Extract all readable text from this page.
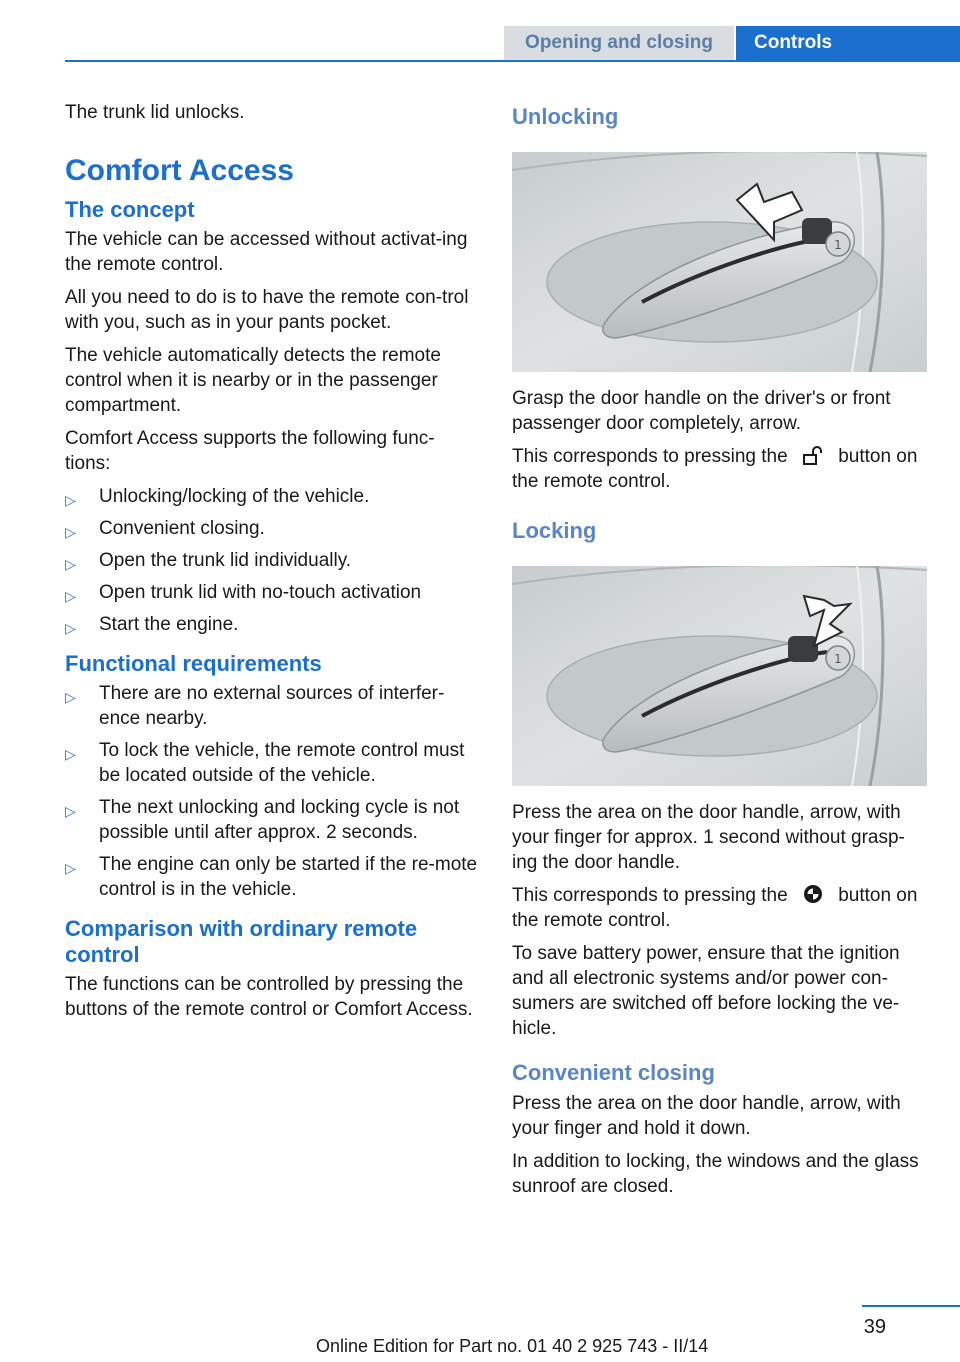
Opening and closing	Controls

The trunk lid unlocks.

Comfort Access
The concept

The vehicle can be accessed without activat-ing the remote control.

All you need to do is to have the remote con-trol with you, such as in your pants pocket.

The vehicle automatically detects the remote control when it is nearby or in the passenger compartment.

Comfort Access supports the following func-tions:

▷ Unlocking/locking of the vehicle.
▷ Convenient closing.
▷ Open the trunk lid individually.
▷ Open trunk lid with no-touch activation
▷ Start the engine.
Functional requirements
▷ There are no external sources of interfer-ence nearby.
▷ To lock the vehicle, the remote control must be located outside of the vehicle.
▷ The next unlocking and locking cycle is not possible until after approx. 2 seconds.
▷ The engine can only be started if the re-mote control is in the vehicle.
Comparison with ordinary remote control

The functions can be controlled by pressing the buttons of the remote control or Comfort Access.

Unlocking
1

Grasp the door handle on the driver's or front passenger door completely, arrow.

This corresponds to pressing the	button on the remote control.

Locking
1

Press the area on the door handle, arrow, with your finger for approx. 1 second without grasp-ing the door handle.

This corresponds to pressing the	button on the remote control.

To save battery power, ensure that the ignition and all electronic systems and/or power con-sumers are switched off before locking the ve-hicle.

Convenient closing

Press the area on the door handle, arrow, with your finger and hold it down.

In addition to locking, the windows and the glass sunroof are closed.

39
Online Edition for Part no. 01 40 2 925 743 - II/14
